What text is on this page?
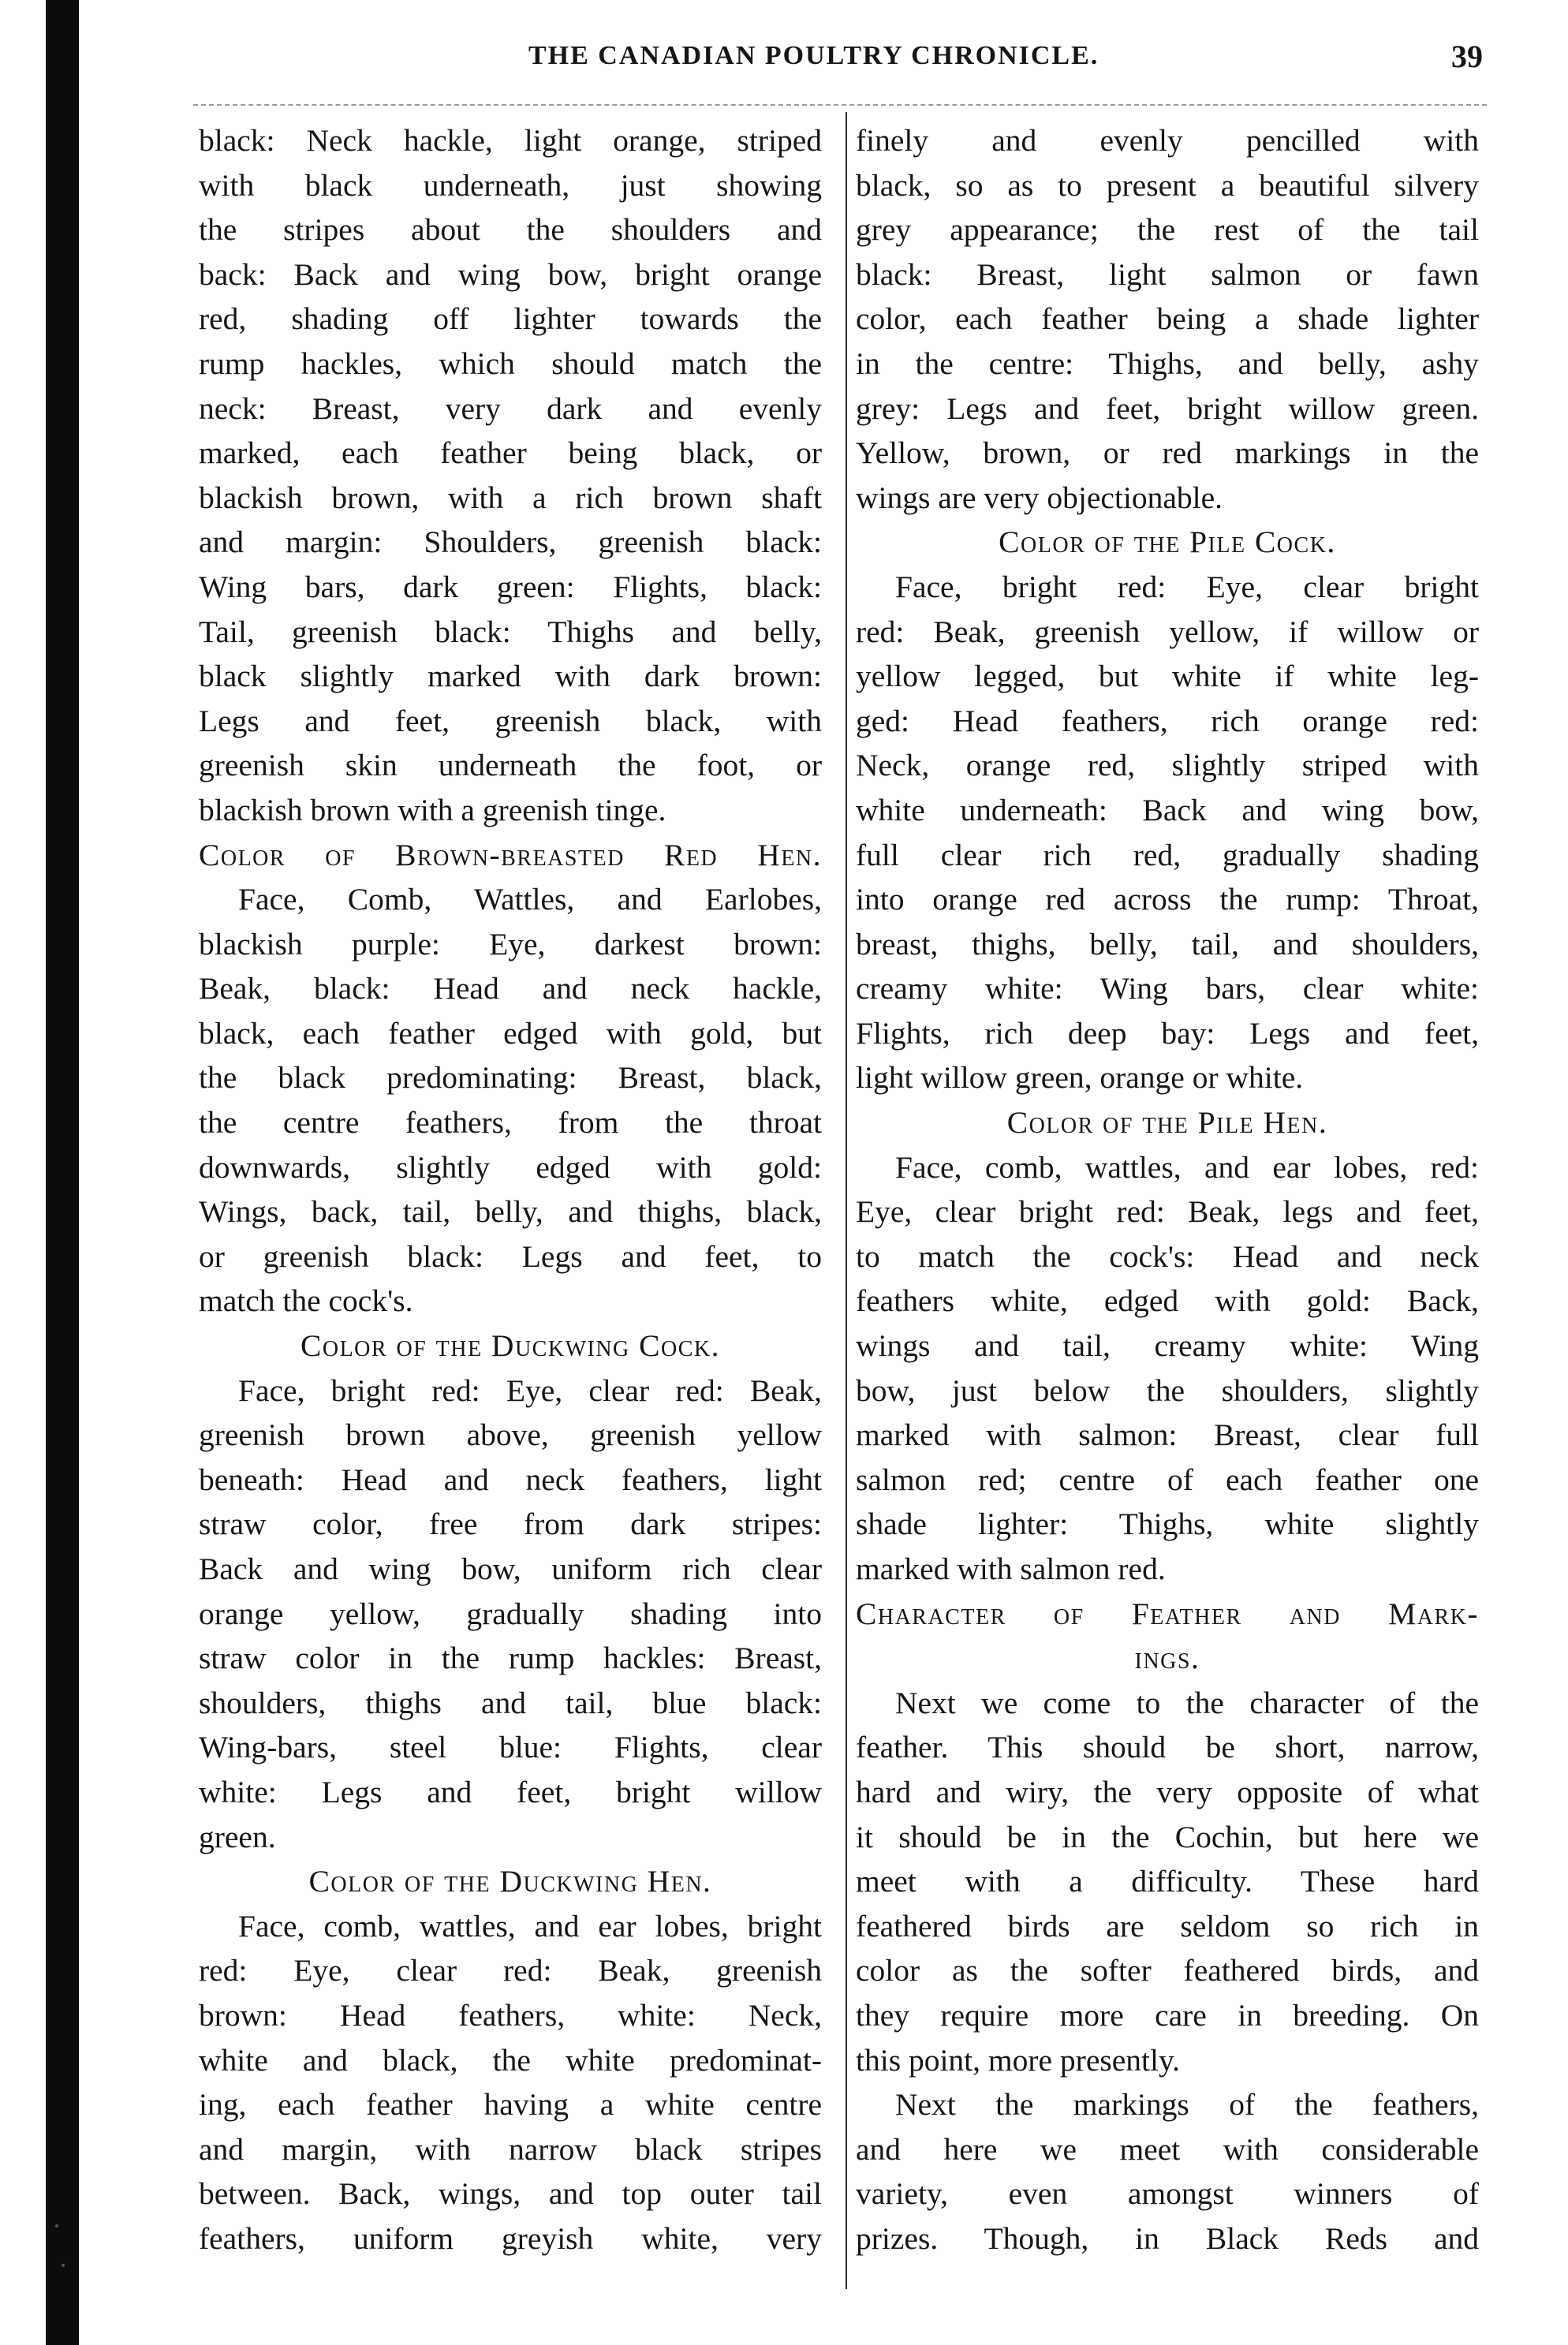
THE CANADIAN POULTRY CHRONICLE.	39
black: Neck hackle, light orange, striped
with black underneath, just showing
the stripes about the shoulders and
back: Back and wing bow, bright orange
red, shading off lighter towards the
rump hackles, which should match the
neck: Breast, very dark and evenly
marked, each feather being black, or
blackish brown, with a rich brown shaft
and margin: Shoulders, greenish black:
Wing bars, dark green: Flights, black:
Tail, greenish black: Thighs and belly,
black slightly marked with dark brown:
Legs and feet, greenish black, with
greenish skin underneath the foot, or
blackish brown with a greenish tinge.
Color of Brown-breasted Red Hen.
Face, Comb, Wattles, and Earlobes,
blackish purple: Eye, darkest brown:
Beak, black: Head and neck hackle,
black, each feather edged with gold, but
the black predominating: Breast, black,
the centre feathers, from the throat
downwards, slightly edged with gold:
Wings, back, tail, belly, and thighs, black,
or greenish black: Legs and feet, to
match the cock's.
Color of the Duckwing Cock.
Face, bright red: Eye, clear red: Beak,
greenish brown above, greenish yellow
beneath: Head and neck feathers, light
straw color, free from dark stripes:
Back and wing bow, uniform rich clear
orange yellow, gradually shading into
straw color in the rump hackles: Breast,
shoulders, thighs and tail, blue black:
Wing-bars, steel blue: Flights, clear
white: Legs and feet, bright willow
green.
Color of the Duckwing Hen.
Face, comb, wattles, and ear lobes, bright
red: Eye, clear red: Beak, greenish
brown: Head feathers, white: Neck,
white and black, the white predominat-
ing, each feather having a white centre
and margin, with narrow black stripes
between. Back, wings, and top outer tail
feathers, uniform greyish white, very
finely and evenly pencilled with
black, so as to present a beautiful silvery
grey appearance; the rest of the tail
black: Breast, light salmon or fawn
color, each feather being a shade lighter
in the centre: Thighs, and belly, ashy
grey: Legs and feet, bright willow green.
Yellow, brown, or red markings in the
wings are very objectionable.
Color of the Pile Cock.
Face, bright red: Eye, clear bright
red: Beak, greenish yellow, if willow or
yellow legged, but white if white leg-
ged: Head feathers, rich orange red:
Neck, orange red, slightly striped with
white underneath: Back and wing bow,
full clear rich red, gradually shading
into orange red across the rump: Throat,
breast, thighs, belly, tail, and shoulders,
creamy white: Wing bars, clear white:
Flights, rich deep bay: Legs and feet,
light willow green, orange or white.
Color of the Pile Hen.
Face, comb, wattles, and ear lobes, red:
Eye, clear bright red: Beak, legs and feet,
to match the cock's: Head and neck
feathers white, edged with gold: Back,
wings and tail, creamy white: Wing
bow, just below the shoulders, slightly
marked with salmon: Breast, clear full
salmon red; centre of each feather one
shade lighter: Thighs, white slightly
marked with salmon red.
Character of Feather and Mark-
ings.
Next we come to the character of the
feather. This should be short, narrow,
hard and wiry, the very opposite of what
it should be in the Cochin, but here we
meet with a difficulty. These hard
feathered birds are seldom so rich in
color as the softer feathered birds, and
they require more care in breeding. On
this point, more presently.
Next the markings of the feathers,
and here we meet with considerable
variety, even amongst winners of
prizes. Though, in Black Reds and
